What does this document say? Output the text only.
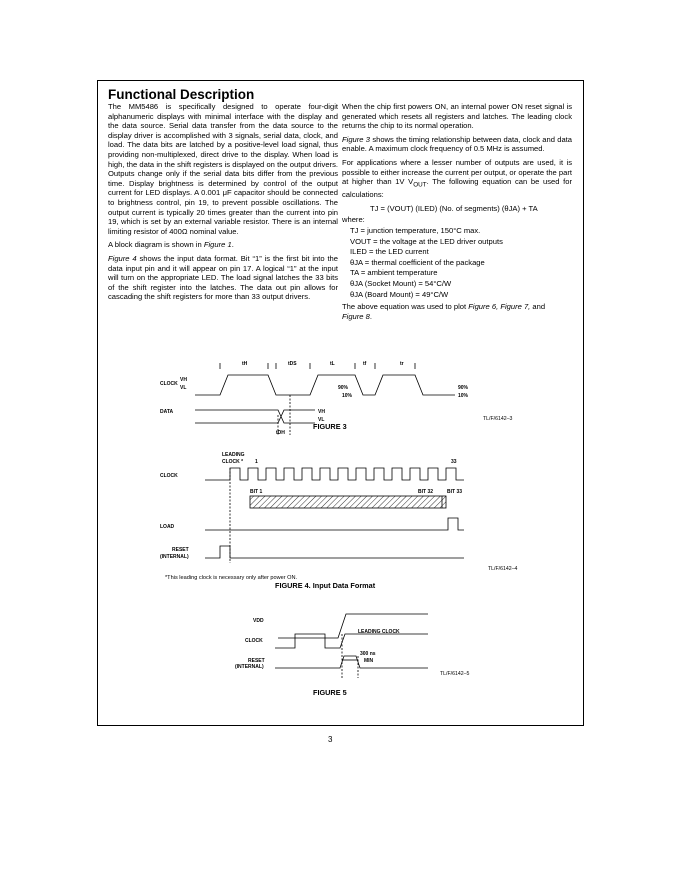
Functional Description

The MM5486 is specifically designed to operate four-digit alphanumeric displays with minimal interface with the display and the data source. Serial data transfer from the data source to the display driver is accomplished with 3 signals, serial data, clock, and load. The data bits are latched by a positive-level load signal, thus providing non-multiplexed, direct drive to the display. When load is high, the data in the shift registers is displayed on the output drivers. Outputs change only if the serial data bits differ from the previous time. Display brightness is determined by control of the output current for LED displays. A 0.001 μF capacitor should be connected to brightness control, pin 19, to prevent possible oscillations. The output current is typically 20 times greater than the current into pin 19, which is set by an external variable resistor. There is an internal limiting resistor of 400Ω nominal value.

A block diagram is shown in Figure 1.

Figure 4 shows the input data format. Bit “1” is the first bit into the data input pin and it will appear on pin 17. A logical “1” at the input will turn on the appropriate LED. The load signal latches the 33 bits of the shift register into the latches. The data out pin allows for cascading the shift registers for more than 33 output drivers.

When the chip first powers ON, an internal power ON reset signal is generated which resets all registers and latches. The leading clock returns the chip to its normal operation.

Figure 3 shows the timing relationship between data, clock and data enable. A maximum clock frequency of 0.5 MHz is assumed.

For applications where a lesser number of outputs are used, it is possible to either increase the current per output, or operate the part at higher than 1V $V_{OUT}$. The following equation can be used for calculations:

TJ = (VOUT) (ILED) (No. of segments) (θJA) + TA
where:
TJ = junction temperature, 150°C max.
VOUT = the voltage at the LED driver outputs
ILED = the LED current
θJA = thermal coefficient of the package
TA = ambient temperature
θJA (Socket Mount) = 54°C/W
θJA (Board Mount) = 49°C/W

The above equation was used to plot Figure 6, Figure 7, and
Figure 8.

CLOCK
VH
VL
DATA	VH
VL
tH	tDS	tL	tf	tr
90%
10%
90%
10%
tDH
FIGURE 3
TL/F/6142–3
LEADING
CLOCK * 1	33
CLOCK
BIT 1	BIT 32	BIT 33
LOAD
RESET
(INTERNAL)
*This leading clock is necessary only after power ON.
FIGURE 4. Input Data Format
TL/F/6142–4
VDD
CLOCK
RESET
(INTERNAL)
LEADING CLOCK
300 ns
MIN
FIGURE 5
TL/F/6142–5
3
